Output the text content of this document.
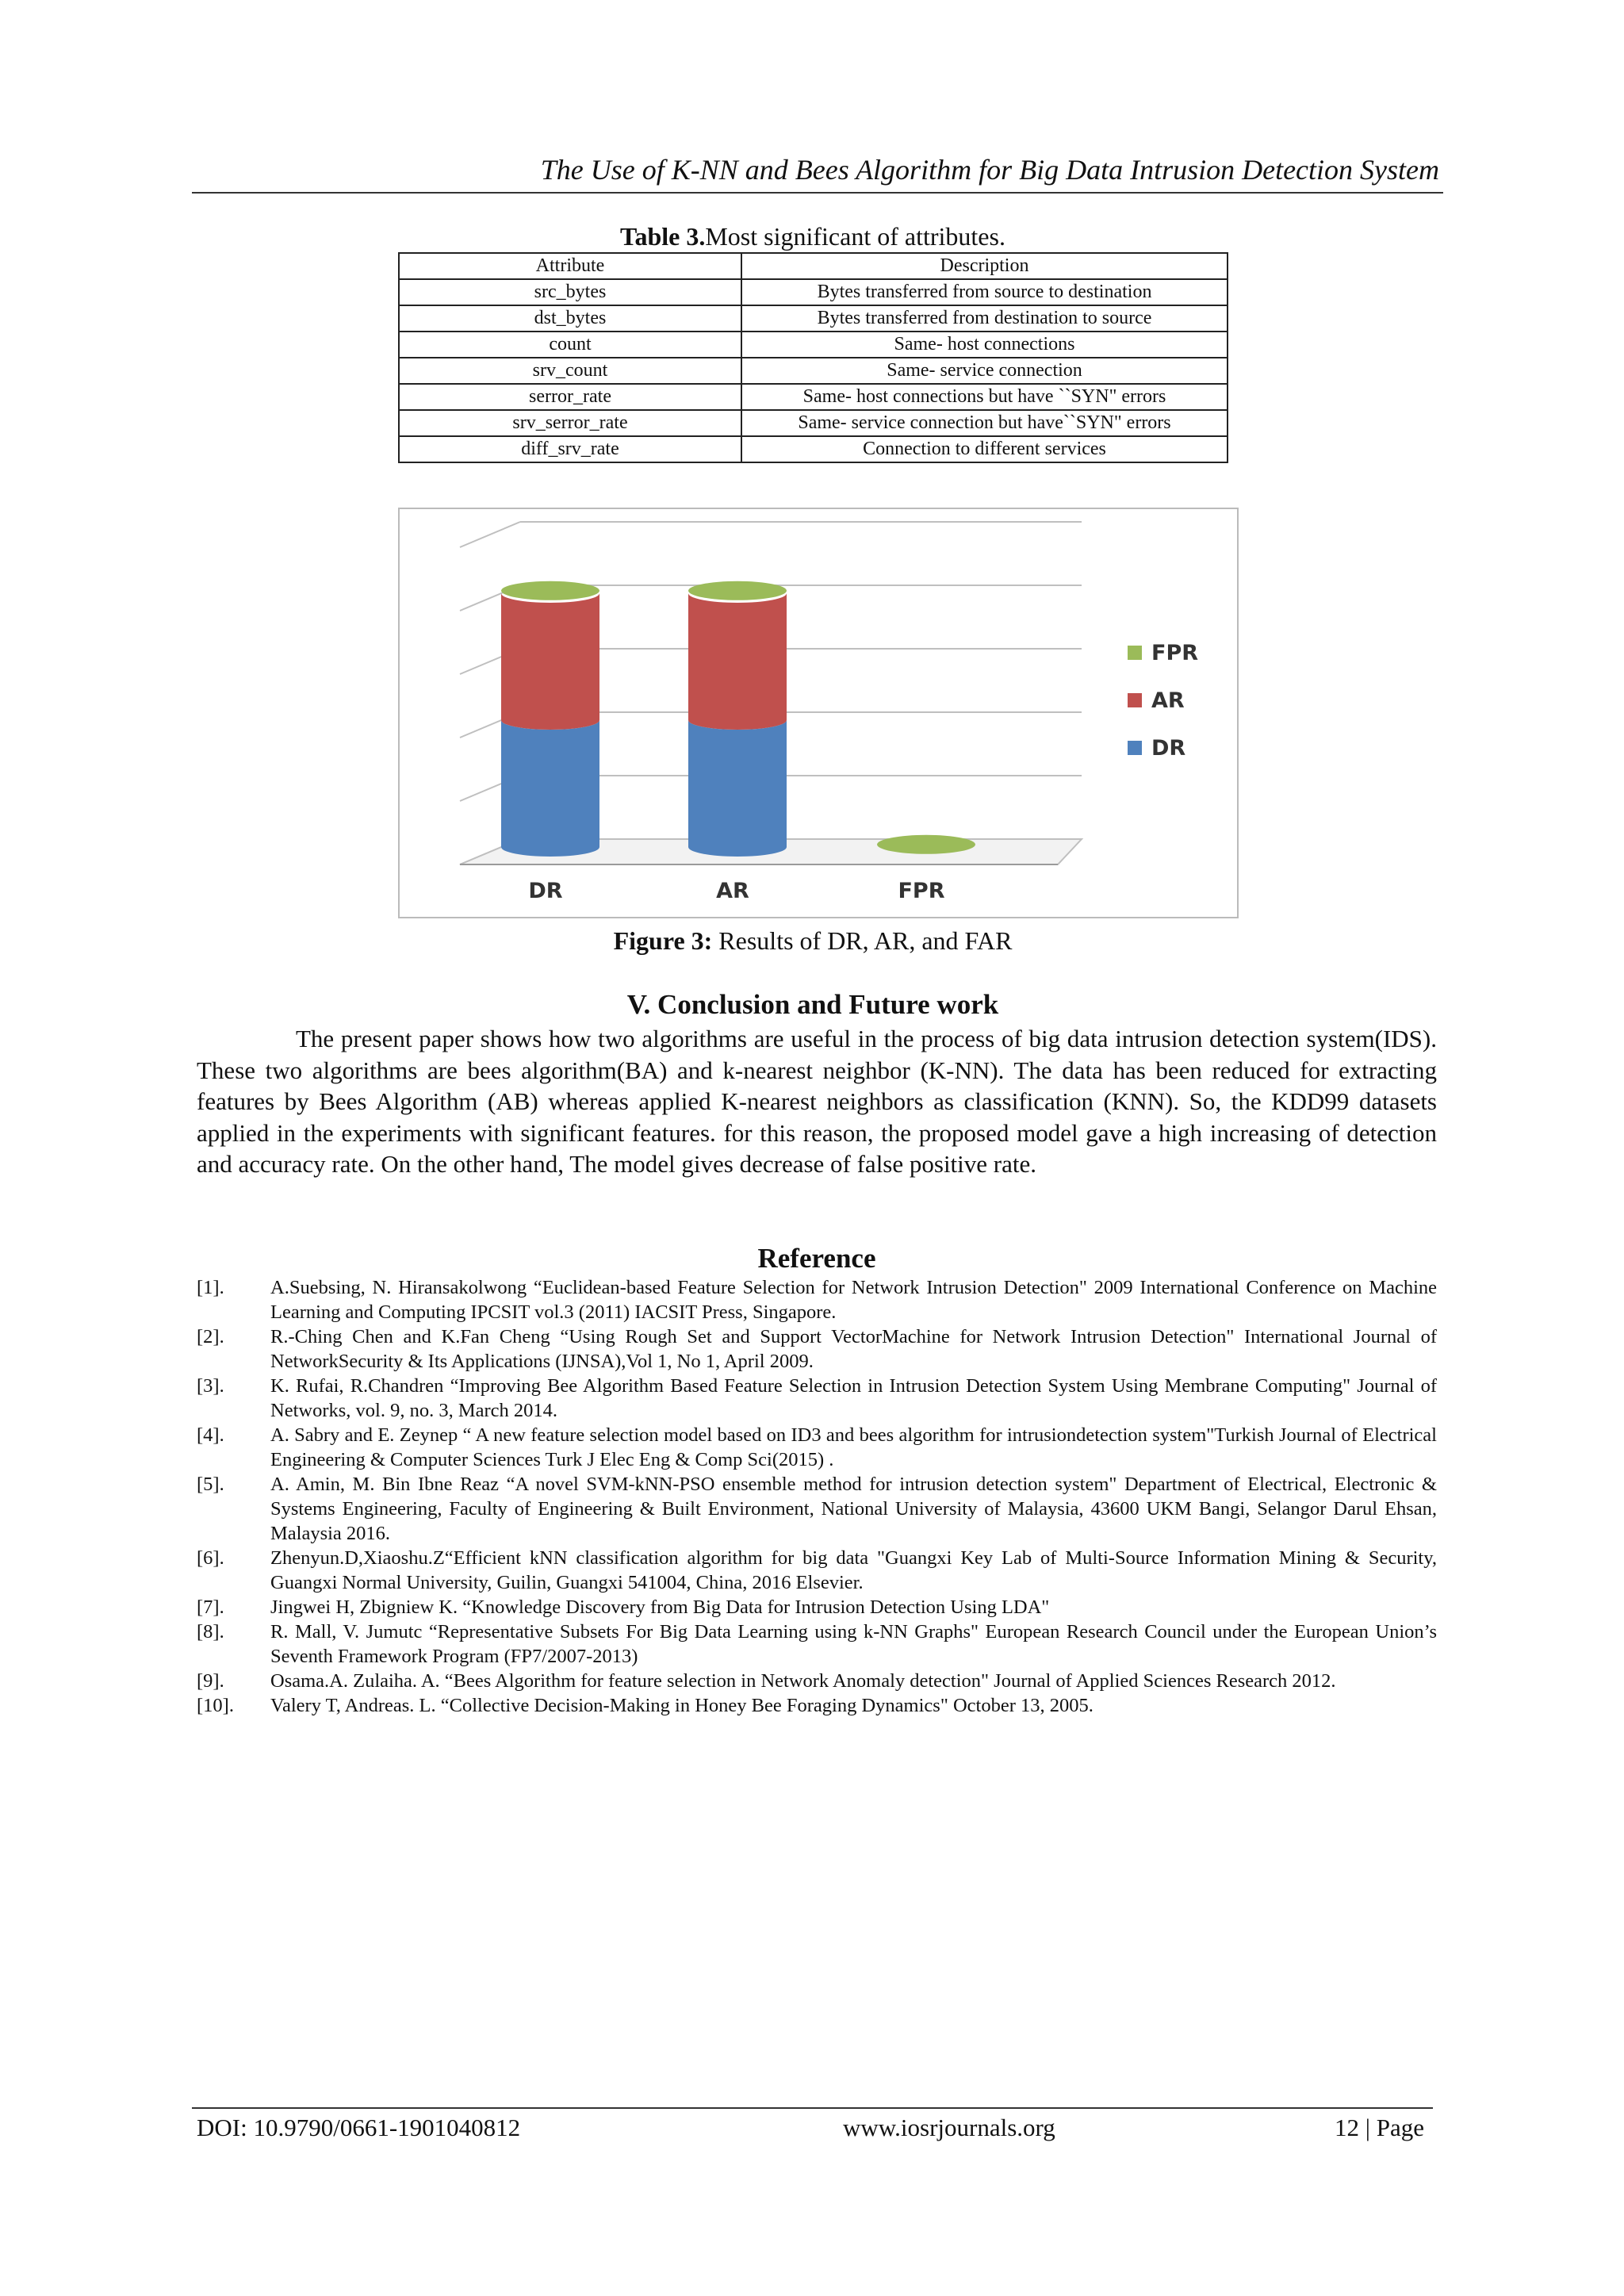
The Use of K-NN and Bees Algorithm for Big Data Intrusion Detection System
Table 3.Most significant of attributes.
Attribute	Description
src_bytes	Bytes transferred from source to destination
dst_bytes	Bytes transferred from destination to source
count	Same- host connections
srv_count	Same- service connection
serror_rate	Same- host connections but have ``SYN" errors
srv_serror_rate	Same- service connection but have``SYN" errors
diff_srv_rate	Connection to different services
DR	AR	FPR
FPR
AR
DR
Figure 3: Results of DR, AR, and FAR
V. Conclusion and Future work

The present paper shows how two algorithms are useful in the process of big data intrusion detection system(IDS). These two algorithms are bees algorithm(BA) and k-nearest neighbor (K-NN). The data has been reduced for extracting features by Bees Algorithm (AB) whereas applied K-nearest neighbors as classification (KNN). So, the KDD99 datasets applied in the experiments with significant features. for this reason, the proposed model gave a high increasing of detection and accuracy rate. On the other hand, The model gives decrease of false positive rate.

Reference
[1]. A.Suebsing, N. Hiransakolwong “Euclidean-based Feature Selection for Network Intrusion Detection" 2009 International Conference on Machine Learning and Computing IPCSIT vol.3 (2011) IACSIT Press, Singapore.
[2]. R.-Ching Chen and K.Fan Cheng “Using Rough Set and Support VectorMachine for Network Intrusion Detection" International Journal of NetworkSecurity & Its Applications (IJNSA),Vol 1, No 1, April 2009.
[3]. K. Rufai, R.Chandren “Improving Bee Algorithm Based Feature Selection in Intrusion Detection System Using Membrane Computing" Journal of Networks, vol. 9, no. 3, March 2014.
[4]. A. Sabry and E. Zeynep “ A new feature selection model based on ID3 and bees algorithm for intrusiondetection system"Turkish Journal of Electrical Engineering & Computer Sciences Turk J Elec Eng & Comp Sci(2015) .
[5]. A. Amin, M. Bin Ibne Reaz “A novel SVM-kNN-PSO ensemble method for intrusion detection system" Department of Electrical, Electronic & Systems Engineering, Faculty of Engineering & Built Environment, National University of Malaysia, 43600 UKM Bangi, Selangor Darul Ehsan, Malaysia 2016.
[6]. Zhenyun.D,Xiaoshu.Z“Efficient kNN classification algorithm for big data "Guangxi Key Lab of Multi-Source Information Mining & Security, Guangxi Normal University, Guilin, Guangxi 541004, China, 2016 Elsevier.
[7]. Jingwei H, Zbigniew K. “Knowledge Discovery from Big Data for Intrusion Detection Using LDA"
[8]. R. Mall, V. Jumutc “Representative Subsets For Big Data Learning using k-NN Graphs" European Research Council under the European Union’s Seventh Framework Program (FP7/2007-2013)
[9]. Osama.A. Zulaiha. A. “Bees Algorithm for feature selection in Network Anomaly detection" Journal of Applied Sciences Research 2012.
[10]. Valery T, Andreas. L. “Collective Decision-Making in Honey Bee Foraging Dynamics" October 13, 2005.
DOI: 10.9790/0661-1901040812	www.iosrjournals.org	12 | Page
